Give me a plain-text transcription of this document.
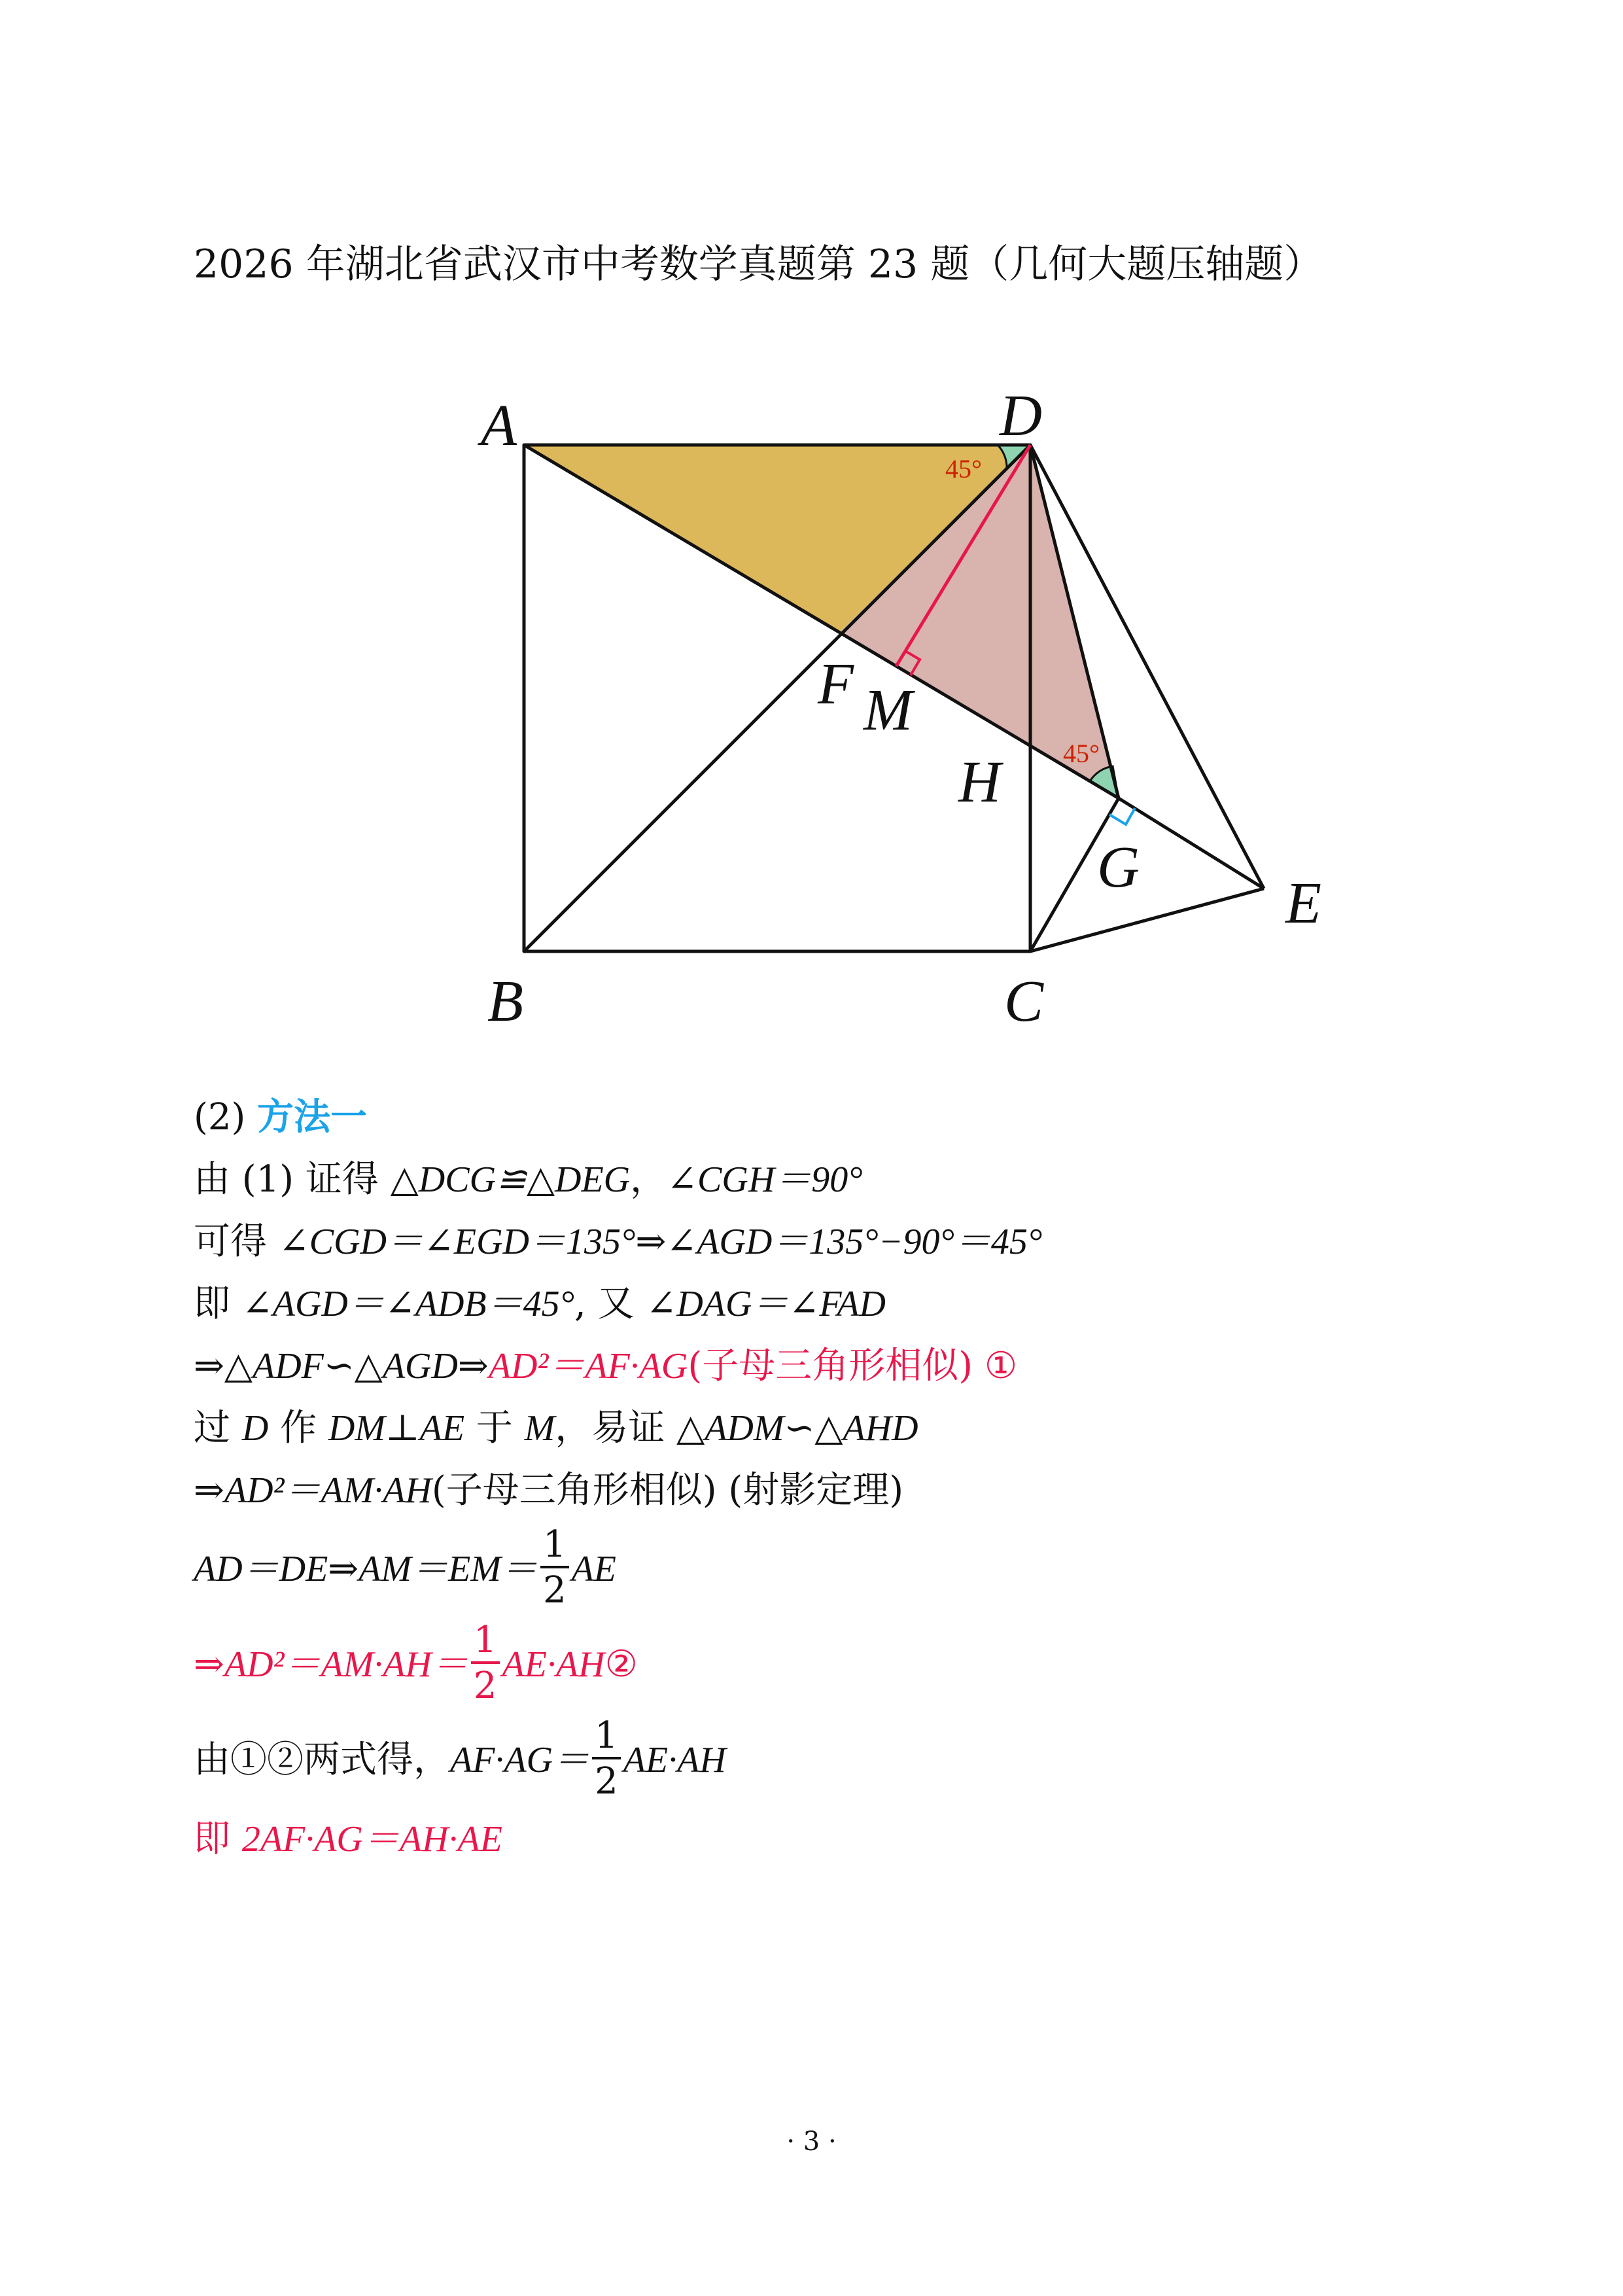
2026 年湖北省武汉市中考数学真题第 23 题（几何大题压轴题）
A	D
B	C
E
F M
H
G
45°
45°
(2) 方法一
由 (1) 证得 △DCG≌△DEG，∠CGH＝90°
可得 ∠CGD＝∠EGD＝135°⇒∠AGD＝135°−90°＝45°
即 ∠AGD＝∠ADB＝45°, 又 ∠DAG＝∠FAD
⇒△ADF∽△AGD⇒AD²＝AF·AG(子母三角形相似) ①
过 D 作 DM⊥AE 于 M，易证 △ADM∽△AHD
⇒AD²＝AM·AH(子母三角形相似) (射影定理)
AD＝DE⇒AM＝EM＝ $\frac{1}{2}$ AE
⇒AD²＝AM·AH＝ $\frac{1}{2}$ AE·AH②
由①②两式得，$AF\cdot AG= \frac{1}{2} AE\cdot AH$
即 2AF·AG＝AH·AE
· 3 ·
